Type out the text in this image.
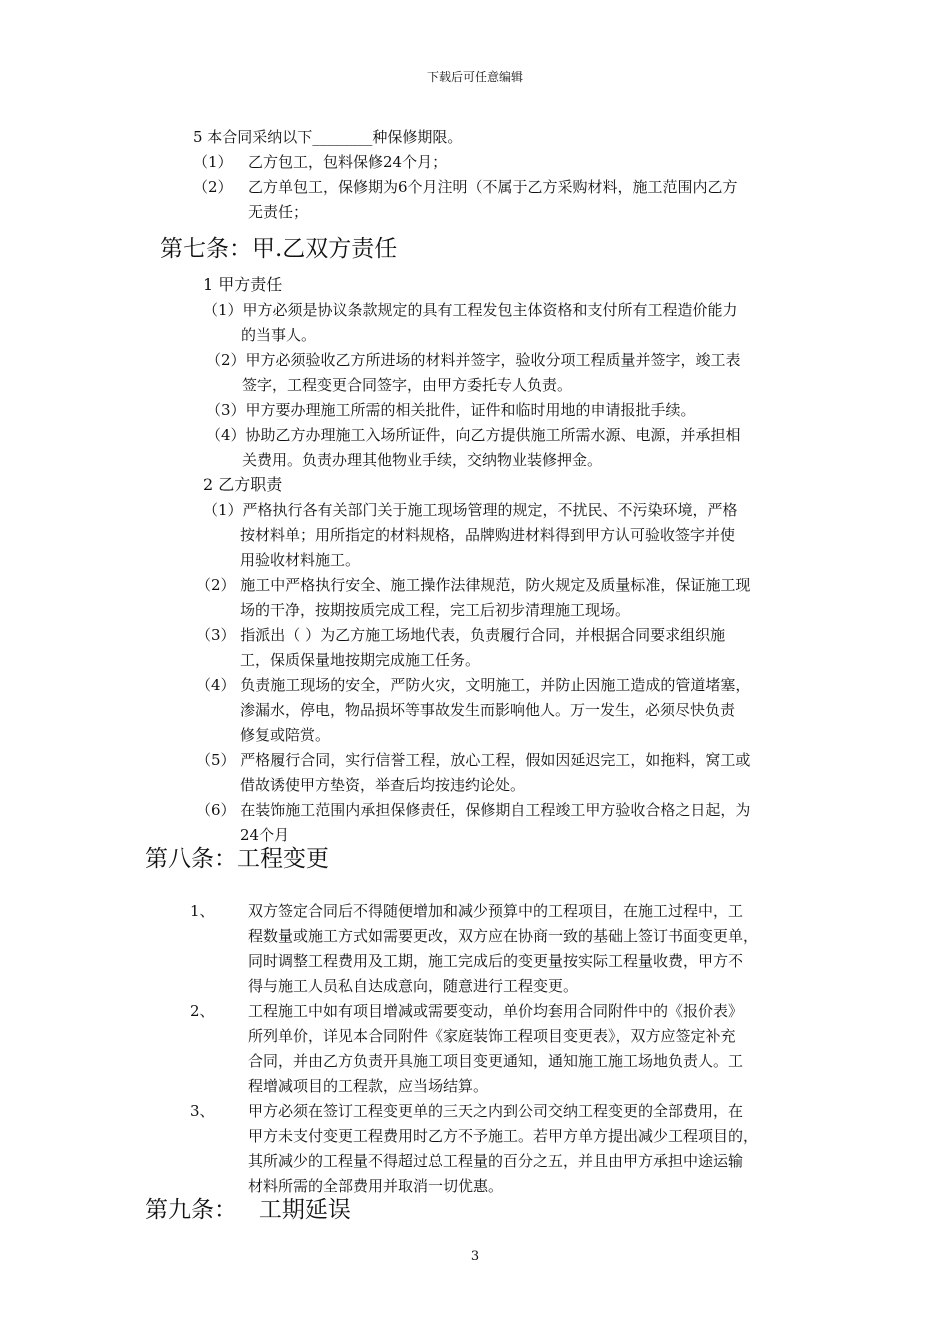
下载后可任意编辑
5 本合同采纳以下________种保修期限。
（1） 乙方包工，包料保修24个月；
（2） 乙方单包工，保修期为6个月注明（不属于乙方采购材料，施工范围内乙方
无责任；
第七条：甲.乙双方责任
1 甲方责任
（1）甲方必须是协议条款规定的具有工程发包主体资格和支付所有工程造价能力
的当事人。
（2）甲方必须验收乙方所进场的材料并签字，验收分项工程质量并签字，竣工表
签字，工程变更合同签字，由甲方委托专人负责。
（3）甲方要办理施工所需的相关批件，证件和临时用地的申请报批手续。
（4）协助乙方办理施工入场所证件，向乙方提供施工所需水源、电源，并承担相
关费用。负责办理其他物业手续，交纳物业装修押金。
2 乙方职责
（1）严格执行各有关部门关于施工现场管理的规定，不扰民、不污染环境，严格
按材料单；用所指定的材料规格，品牌购进材料得到甲方认可验收签字并使
用验收材料施工。
（2） 施工中严格执行安全、施工操作法律规范，防火规定及质量标准，保证施工现
场的干净，按期按质完成工程，完工后初步清理施工现场。
（3） 指派出（ ）为乙方施工场地代表，负责履行合同，并根据合同要求组织施
工，保质保量地按期完成施工任务。
（4） 负责施工现场的安全，严防火灾，文明施工，并防止因施工造成的管道堵塞，
渗漏水，停电，物品损坏等事故发生而影响他人。万一发生，必须尽快负责
修复或陪赏。
（5） 严格履行合同，实行信誉工程，放心工程，假如因延迟完工，如拖料，窝工或
借故诱使甲方垫资，举查后均按违约论处。
（6） 在装饰施工范围内承担保修责任，保修期自工程竣工甲方验收合格之日起，为
24个月
第八条：工程变更
1、 双方签定合同后不得随便增加和减少预算中的工程项目，在施工过程中，工
程数量或施工方式如需要更改，双方应在协商一致的基础上签订书面变更单，
同时调整工程费用及工期，施工完成后的变更量按实际工程量收费，甲方不
得与施工人员私自达成意向，随意进行工程变更。
2、 工程施工中如有项目增减或需要变动，单价均套用合同附件中的《报价表》
所列单价，详见本合同附件《家庭装饰工程项目变更表》，双方应签定补充
合同，并由乙方负责开具施工项目变更通知，通知施工施工场地负责人。工
程增减项目的工程款，应当场结算。
3、 甲方必须在签订工程变更单的三天之内到公司交纳工程变更的全部费用，在
甲方未支付变更工程费用时乙方不予施工。若甲方单方提出减少工程项目的，
其所减少的工程量不得超过总工程量的百分之五，并且由甲方承担中途运输
材料所需的全部费用并取消一切优惠。
第九条：   工期延误
3
